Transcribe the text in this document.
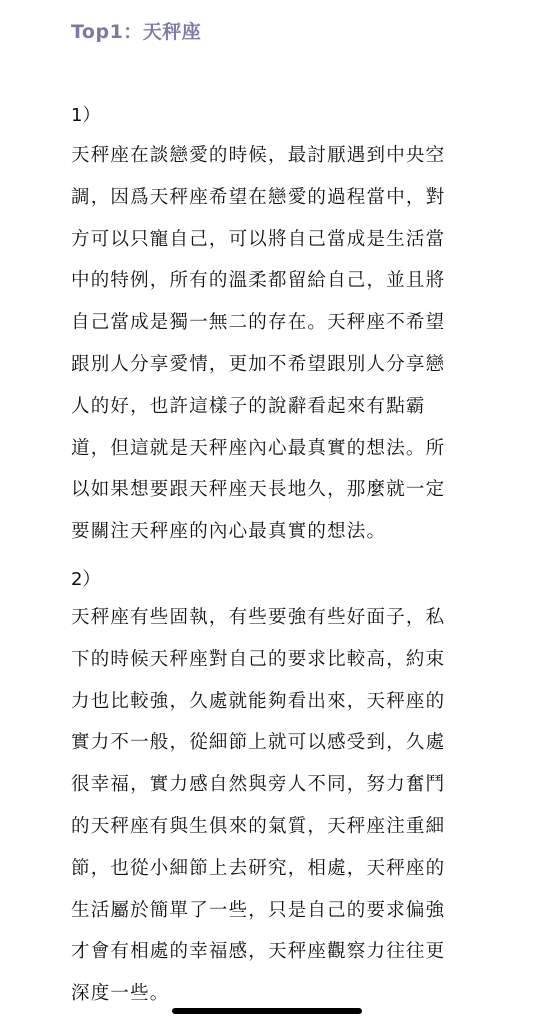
Top1：天秤座
1）
天秤座在談戀愛的時候，最討厭遇到中央空
調，因爲天秤座希望在戀愛的過程當中，對
方可以只寵自己，可以將自己當成是生活當
中的特例，所有的溫柔都留給自己，並且將
自己當成是獨一無二的存在。天秤座不希望
跟別人分享愛情，更加不希望跟別人分享戀
人的好，也許這樣子的說辭看起來有點霸
道，但這就是天秤座內心最真實的想法。所
以如果想要跟天秤座天長地久，那麼就一定
要關注天秤座的內心最真實的想法。
2）
天秤座有些固執，有些要強有些好面子，私
下的時候天秤座對自己的要求比較高，約束
力也比較強，久處就能夠看出來，天秤座的
實力不一般，從細節上就可以感受到，久處
很幸福，實力感自然與旁人不同，努力奮鬥
的天秤座有與生俱來的氣質，天秤座注重細
節，也從小細節上去研究，相處，天秤座的
生活屬於簡單了一些，只是自己的要求偏強
才會有相處的幸福感，天秤座觀察力往往更
深度一些。
